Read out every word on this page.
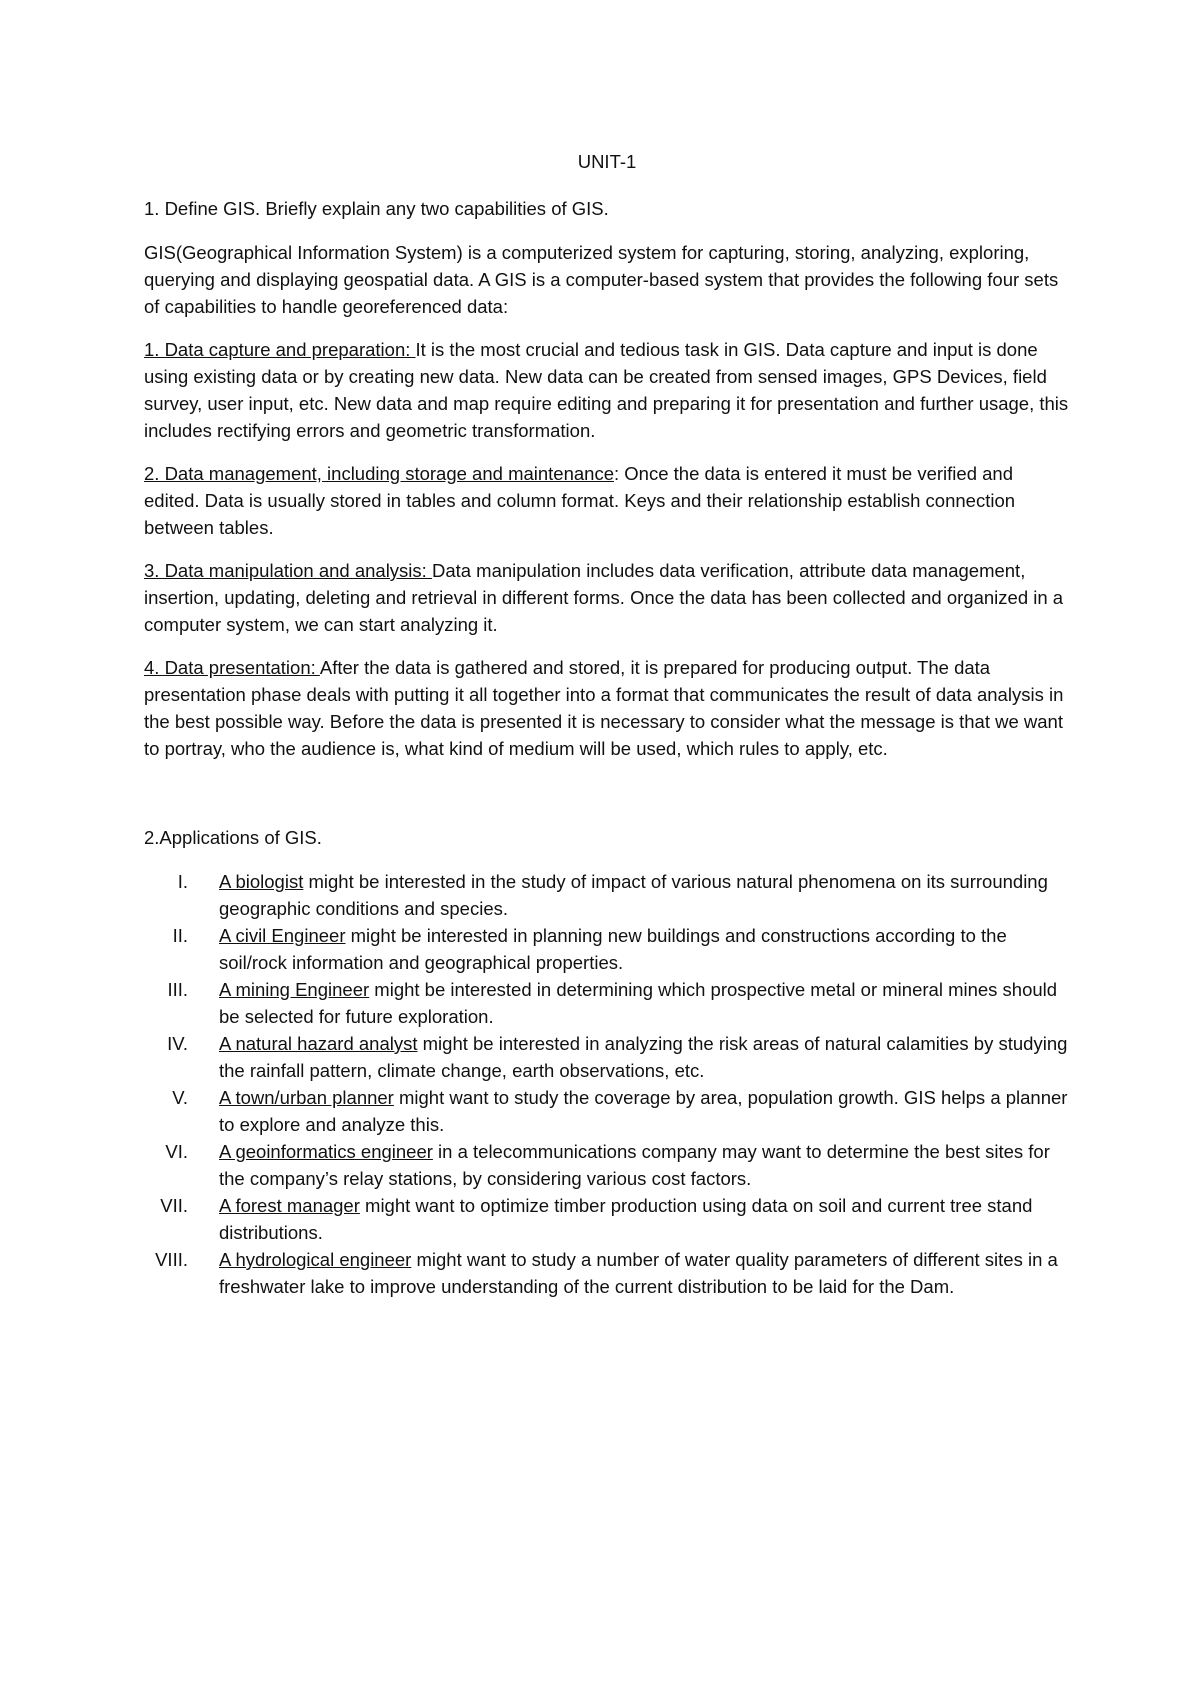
UNIT-1
1. Define GIS. Briefly explain any two capabilities of GIS.
GIS(Geographical Information System) is a computerized system for capturing, storing, analyzing, exploring, querying and displaying geospatial data. A GIS is a computer-based system that provides the following four sets of capabilities to handle georeferenced data:
1. Data capture and preparation: It is the most crucial and tedious task in GIS. Data capture and input is done using existing data or by creating new data. New data can be created from sensed images, GPS Devices, field survey, user input, etc. New data and map require editing and preparing it for presentation and further usage, this includes rectifying errors and geometric transformation.
2. Data management, including storage and maintenance: Once the data is entered it must be verified and edited. Data is usually stored in tables and column format. Keys and their relationship establish connection between tables.
3. Data manipulation and analysis: Data manipulation includes data verification, attribute data management, insertion, updating, deleting and retrieval in different forms. Once the data has been collected and organized in a computer system, we can start analyzing it.
4. Data presentation: After the data is gathered and stored, it is prepared for producing output. The data presentation phase deals with putting it all together into a format that communicates the result of data analysis in the best possible way. Before the data is presented it is necessary to consider what the message is that we want to portray, who the audience is, what kind of medium will be used, which rules to apply, etc.
2.Applications of GIS.
I. A biologist might be interested in the study of impact of various natural phenomena on its surrounding geographic conditions and species.
II. A civil Engineer might be interested in planning new buildings and constructions according to the soil/rock information and geographical properties.
III. A mining Engineer might be interested in determining which prospective metal or mineral mines should be selected for future exploration.
IV. A natural hazard analyst might be interested in analyzing the risk areas of natural calamities by studying the rainfall pattern, climate change, earth observations, etc.
V. A town/urban planner might want to study the coverage by area, population growth. GIS helps a planner to explore and analyze this.
VI. A geoinformatics engineer in a telecommunications company may want to determine the best sites for the company’s relay stations, by considering various cost factors.
VII. A forest manager might want to optimize timber production using data on soil and current tree stand distributions.
VIII. A hydrological engineer might want to study a number of water quality parameters of different sites in a freshwater lake to improve understanding of the current distribution to be laid for the Dam.
